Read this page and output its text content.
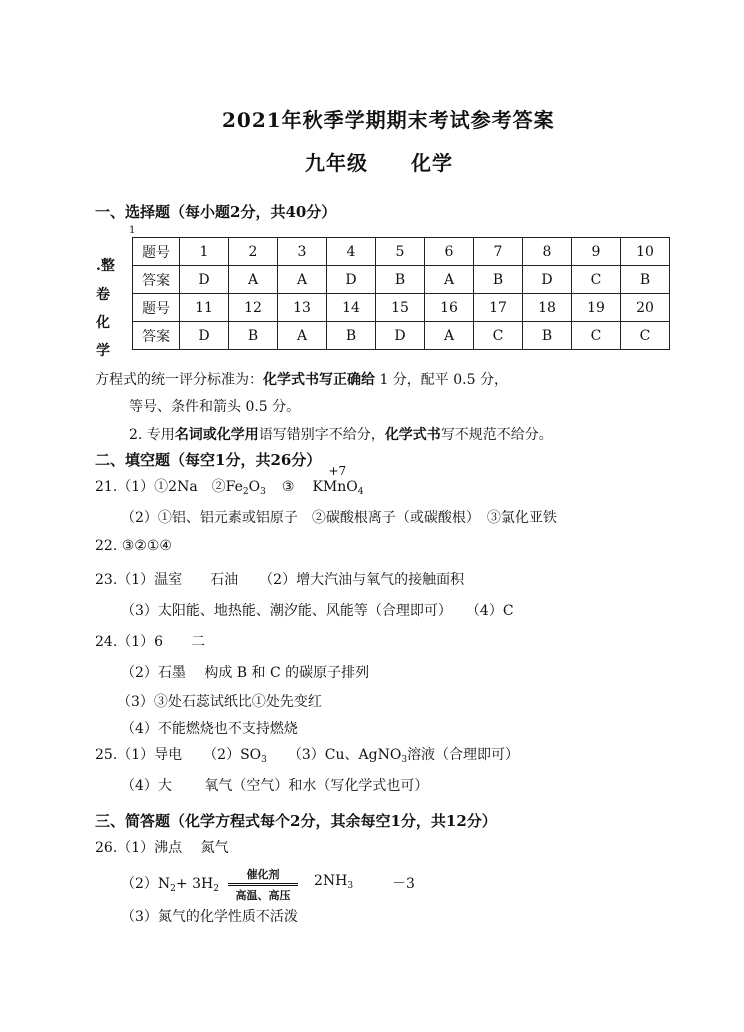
2021年秋季学期期末考试参考答案
九年级 化学
一、选择题（每小题2分，共40分）
1
.整
卷
化
学
题号	1	2	3	4	5	6	7	8	9	10
答案	D	A	A	D	B	A	B	D	C	B
题号	11	12	13	14	15	16	17	18	19	20
答案	D	B	A	B	D	A	C	B	C	C
方程式的统一评分标准为：化学式书写正确给 1 分，配平 0.5 分，
等号、条件和箭头 0.5 分。
2. 专用名词或化学用语写错别字不给分，化学式书写不规范不给分。
二、填空题（每空1分，共26分）
21.（1）①2Na　$②Fe_2O_3$ ③
+7
KMnO$_4$
（2）①铝、铝元素或铝原子　②碳酸根离子（或碳酸根）　③氯化亚铁
22. ③②①④
23.（1）温室　　石油　　（2）增大汽油与氧气的接触面积
（3）太阳能、地热能、潮汐能、风能等（合理即可）　　（4）C
24.（1）6　　二
（2）石墨　 构成 B 和 C 的碳原子排列
（3）③处石蕊试纸比①处先变红
（4）不能燃烧也不支持燃烧
25.（1）导电　　$(2)SO_3$　　（3）Cu、AgNO$_3$溶液（合理即可）
（4）大　　 氧气（空气）和水（写化学式也可）
三、简答题（化学方程式每个2分，其余每空1分，共12分）
26.（1）沸点　 氮气
$(2)N_2+ 3H_2$
催化剂
高温、高压
$2NH_3$	－3
（3）氮气的化学性质不活泼
